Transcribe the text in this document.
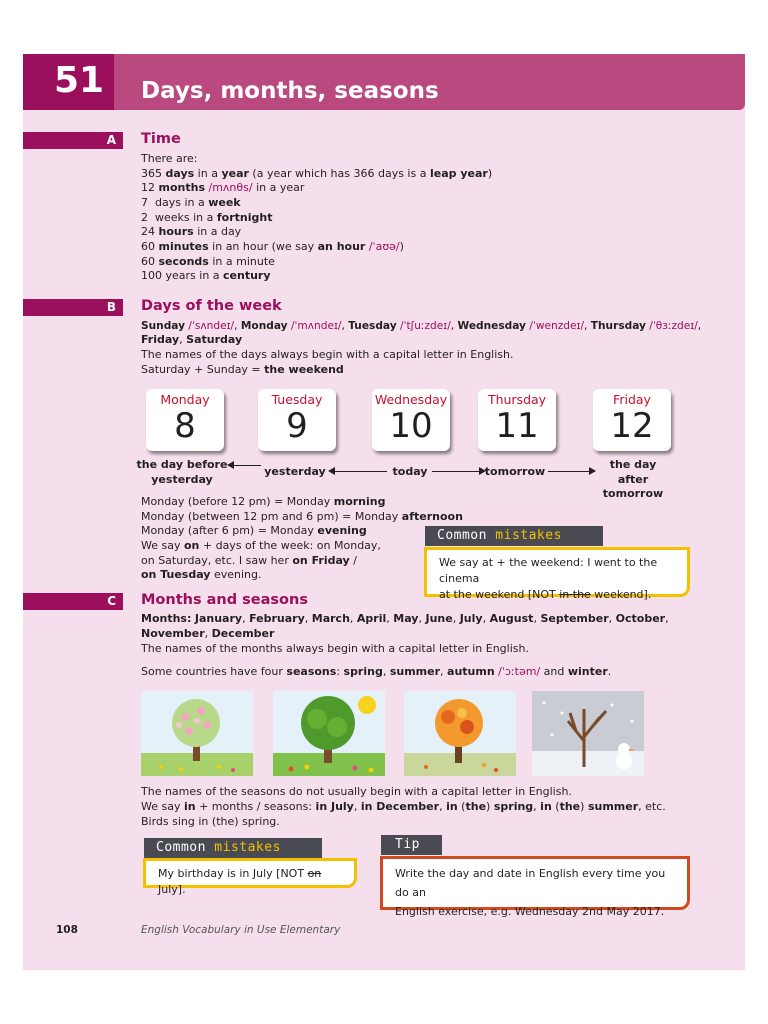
51	Days, months, seasons
A	Time
There are:
365 days in a year (a year which has 366 days is a leap year)
12 months /mʌnθs/ in a year
7  days in a week
2  weeks in a fortnight
24 hours in a day
60 minutes in an hour (we say an hour /ˈaʊə/)
60 seconds in a minute
100 years in a century
B	Days of the week
Sunday /ˈsʌndeɪ/, Monday /ˈmʌndeɪ/, Tuesday /ˈtʃuːzdeɪ/, Wednesday /ˈwenzdeɪ/, Thursday /ˈθɜːzdeɪ/,
Friday, Saturday
The names of the days always begin with a capital letter in English.
Saturday + Sunday = the weekend
Monday
8
Tuesday
9
Wednesday
10
Thursday
11
Friday
12
the day before
yesterday
yesterday	today	tomorrow
the day after
tomorrow
Monday (before 12 pm) = Monday morning
Monday (between 12 pm and 6 pm) = Monday afternoon
Monday (after 6 pm) = Monday evening
We say on + days of the week: on Monday,
on Saturday, etc. I saw her on Friday /
on Tuesday evening.
Common mistakes
We say at + the weekend: I went to the cinema
at the weekend [NOT in the weekend].
C	Months and seasons
Months: January, February, March, April, May, June, July, August, September, October,
November, December
The names of the months always begin with a capital letter in English.
Some countries have four seasons: spring, summer, autumn /ˈɔːtəm/ and winter.
The names of the seasons do not usually begin with a capital letter in English.
We say in + months / seasons: in July, in December, in (the) spring, in (the) summer, etc.
Birds sing in (the) spring.
Common mistakes
My birthday is in July [NOT on July].
Tip
Write the day and date in English every time you do an
English exercise, e.g. Wednesday 2nd May 2017.
108	English Vocabulary in Use Elementary
